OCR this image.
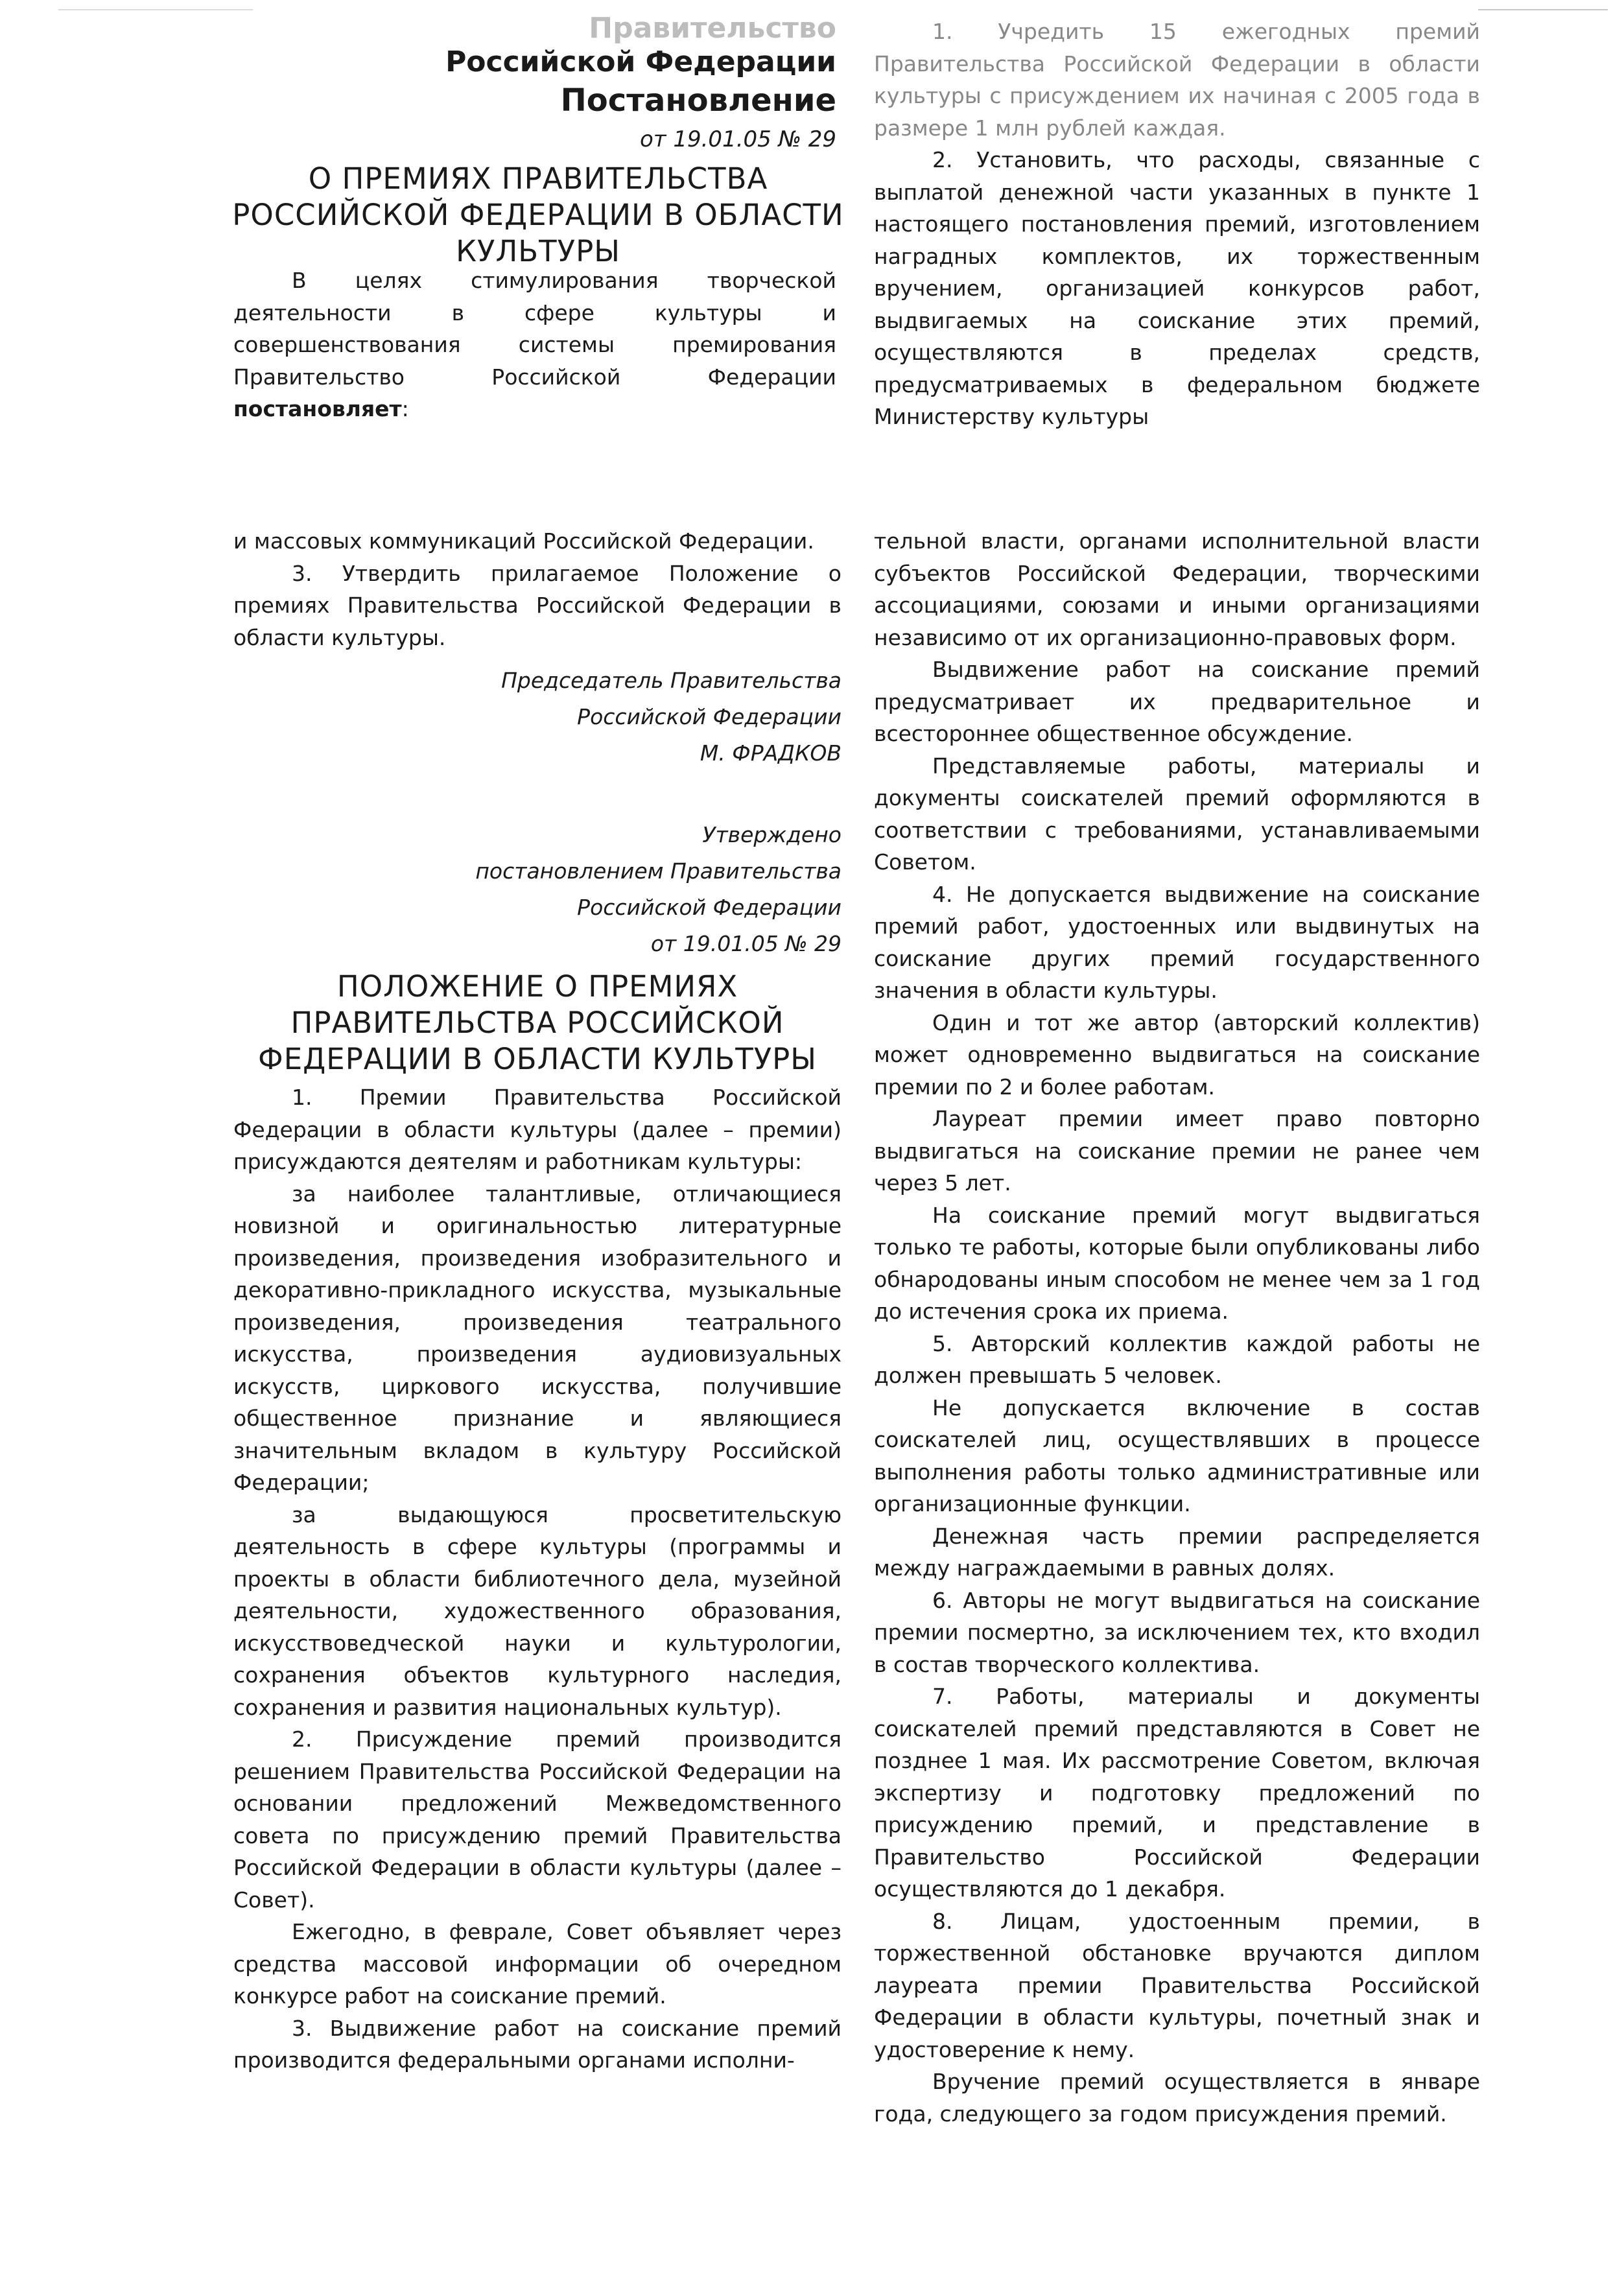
Правительство
Российской Федерации
Постановление
от 19.01.05 № 29
О ПРЕМИЯХ ПРАВИТЕЛЬСТВА РОССИЙСКОЙ ФЕДЕРАЦИИ В ОБЛАСТИ КУЛЬТУРЫ

В целях стимулирования творческой деятельности в сфере культуры и совершенствования системы премирования Правительство Российской Федерации постановляет:

1. Учредить 15 ежегодных премий Правительства Российской Федерации в области культуры с присуждением их начиная с 2005 года в размере 1 млн рублей каждая.

2. Установить, что расходы, связанные с выплатой денежной части указанных в пункте 1 настоящего постановления премий, изготовлением наградных комплектов, их торжественным вручением, организацией конкурсов работ, выдвигаемых на соискание этих премий, осуществляются в пределах средств, предусматриваемых в федеральном бюджете Министерству культуры

и массовых коммуникаций Российской Федерации.

3. Утвердить прилагаемое Положение о премиях Правительства Российской Федерации в области культуры.

Председатель Правительства

Российской Федерации

М. ФРАДКОВ

Утверждено

постановлением Правительства

Российской Федерации

от 19.01.05 № 29

ПОЛОЖЕНИЕ О ПРЕМИЯХ ПРАВИТЕЛЬСТВА РОССИЙСКОЙ ФЕДЕРАЦИИ В ОБЛАСТИ КУЛЬТУРЫ

1. Премии Правительства Российской Федерации в области культуры (далее – премии) присуждаются деятелям и работникам культуры:

за наиболее талантливые, отличающиеся новизной и оригинальностью литературные произведения, произведения изобразительного и декоративно-прикладного искусства, музыкальные произведения, произведения театрального искусства, произведения аудиовизуальных искусств, циркового искусства, получившие общественное признание и являющиеся значительным вкладом в культуру Российской Федерации;

за выдающуюся просветительскую деятельность в сфере культуры (программы и проекты в области библиотечного дела, музейной деятельности, художественного образования, искусствоведческой науки и культурологии, сохранения объектов культурного наследия, сохранения и развития национальных культур).

2. Присуждение премий производится решением Правительства Российской Федерации на основании предложений Межведомственного совета по присуждению премий Правительства Российской Федерации в области культуры (далее – Совет).

Ежегодно, в феврале, Совет объявляет через средства массовой информации об очередном конкурсе работ на соискание премий.

3. Выдвижение работ на соискание премий производится федеральными органами исполни-

тельной власти, органами исполнительной власти субъектов Российской Федерации, творческими ассоциациями, союзами и иными организациями независимо от их организационно-правовых форм.

Выдвижение работ на соискание премий предусматривает их предварительное и всестороннее общественное обсуждение.

Представляемые работы, материалы и документы соискателей премий оформляются в соответствии с требованиями, устанавливаемыми Советом.

4. Не допускается выдвижение на соискание премий работ, удостоенных или выдвинутых на соискание других премий государственного значения в области культуры.

Один и тот же автор (авторский коллектив) может одновременно выдвигаться на соискание премии по 2 и более работам.

Лауреат премии имеет право повторно выдвигаться на соискание премии не ранее чем через 5 лет.

На соискание премий могут выдвигаться только те работы, которые были опубликованы либо обнародованы иным способом не менее чем за 1 год до истечения срока их приема.

5. Авторский коллектив каждой работы не должен превышать 5 человек.

Не допускается включение в состав соискателей лиц, осуществлявших в процессе выполнения работы только административные или организационные функции.

Денежная часть премии распределяется между награждаемыми в равных долях.

6. Авторы не могут выдвигаться на соискание премии посмертно, за исключением тех, кто входил в состав творческого коллектива.

7. Работы, материалы и документы соискателей премий представляются в Совет не позднее 1 мая. Их рассмотрение Советом, включая экспертизу и подготовку предложений по присуждению премий, и представление в Правительство Российской Федерации осуществляются до 1 декабря.

8. Лицам, удостоенным премии, в торжественной обстановке вручаются диплом лауреата премии Правительства Российской Федерации в области культуры, почетный знак и удостоверение к нему.

Вручение премий осуществляется в январе года, следующего за годом присуждения премий.
